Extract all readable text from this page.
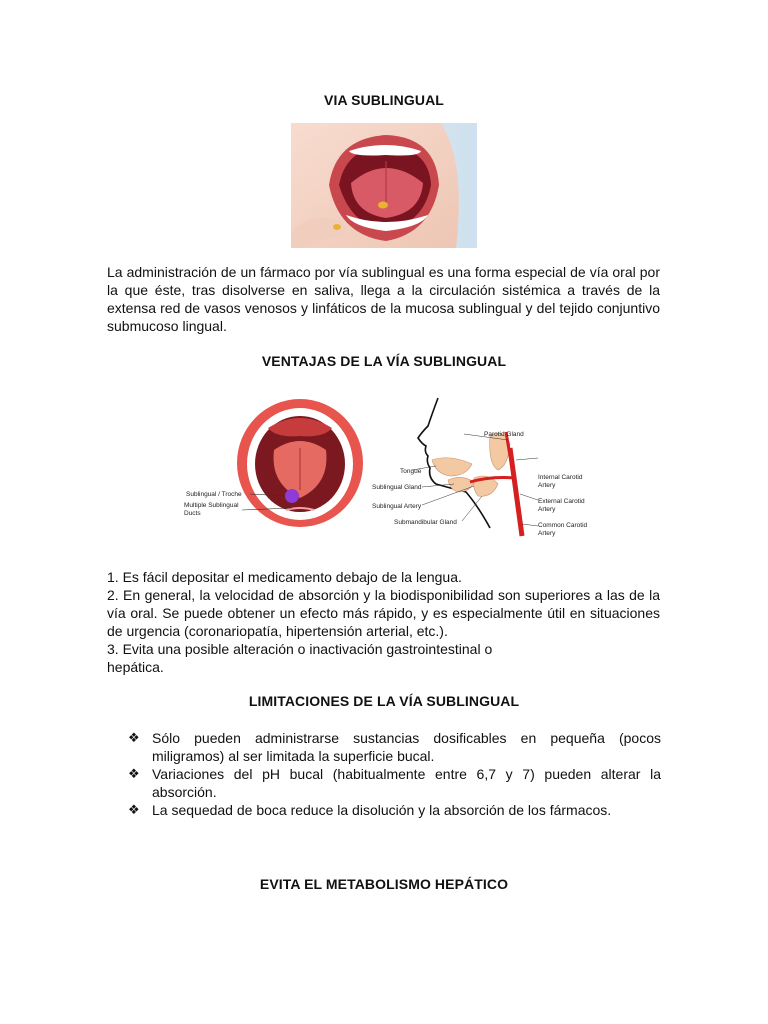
VIA SUBLINGUAL

La administración de un fármaco por vía sublingual es una forma especial de vía oral por la que éste, tras disolverse en saliva, llega a la circulación sistémica a través de la extensa red de vasos venosos y linfáticos de la mucosa sublingual y del tejido conjuntivo submucoso lingual.

VENTAJAS DE LA VÍA SUBLINGUAL
Sublingual / Troche
Multiple Sublingual Ducts
Parotid Gland
Tongue
Sublingual Gland
Sublingual Artery
Submandibular Gland
Internal Carotid Artery
External Carotid Artery
Common Carotid Artery
1. Es fácil depositar el medicamento debajo de la lengua.
2. En general, la velocidad de absorción y la biodisponibilidad son superiores a las de la vía oral. Se puede obtener un efecto más rápido, y es especialmente útil en situaciones de urgencia (coronariopatía, hipertensión arterial, etc.).
3. Evita una posible alteración o inactivación gastrointestinal o hepática.
LIMITACIONES DE LA VÍA SUBLINGUAL
❖ Sólo pueden administrarse sustancias dosificables en pequeña (pocos miligramos) al ser limitada la superficie bucal.
❖ Variaciones del pH bucal (habitualmente entre 6,7 y 7) pueden alterar la absorción.
❖ La sequedad de boca reduce la disolución y la absorción de los fármacos.
EVITA EL METABOLISMO HEPÁTICO
